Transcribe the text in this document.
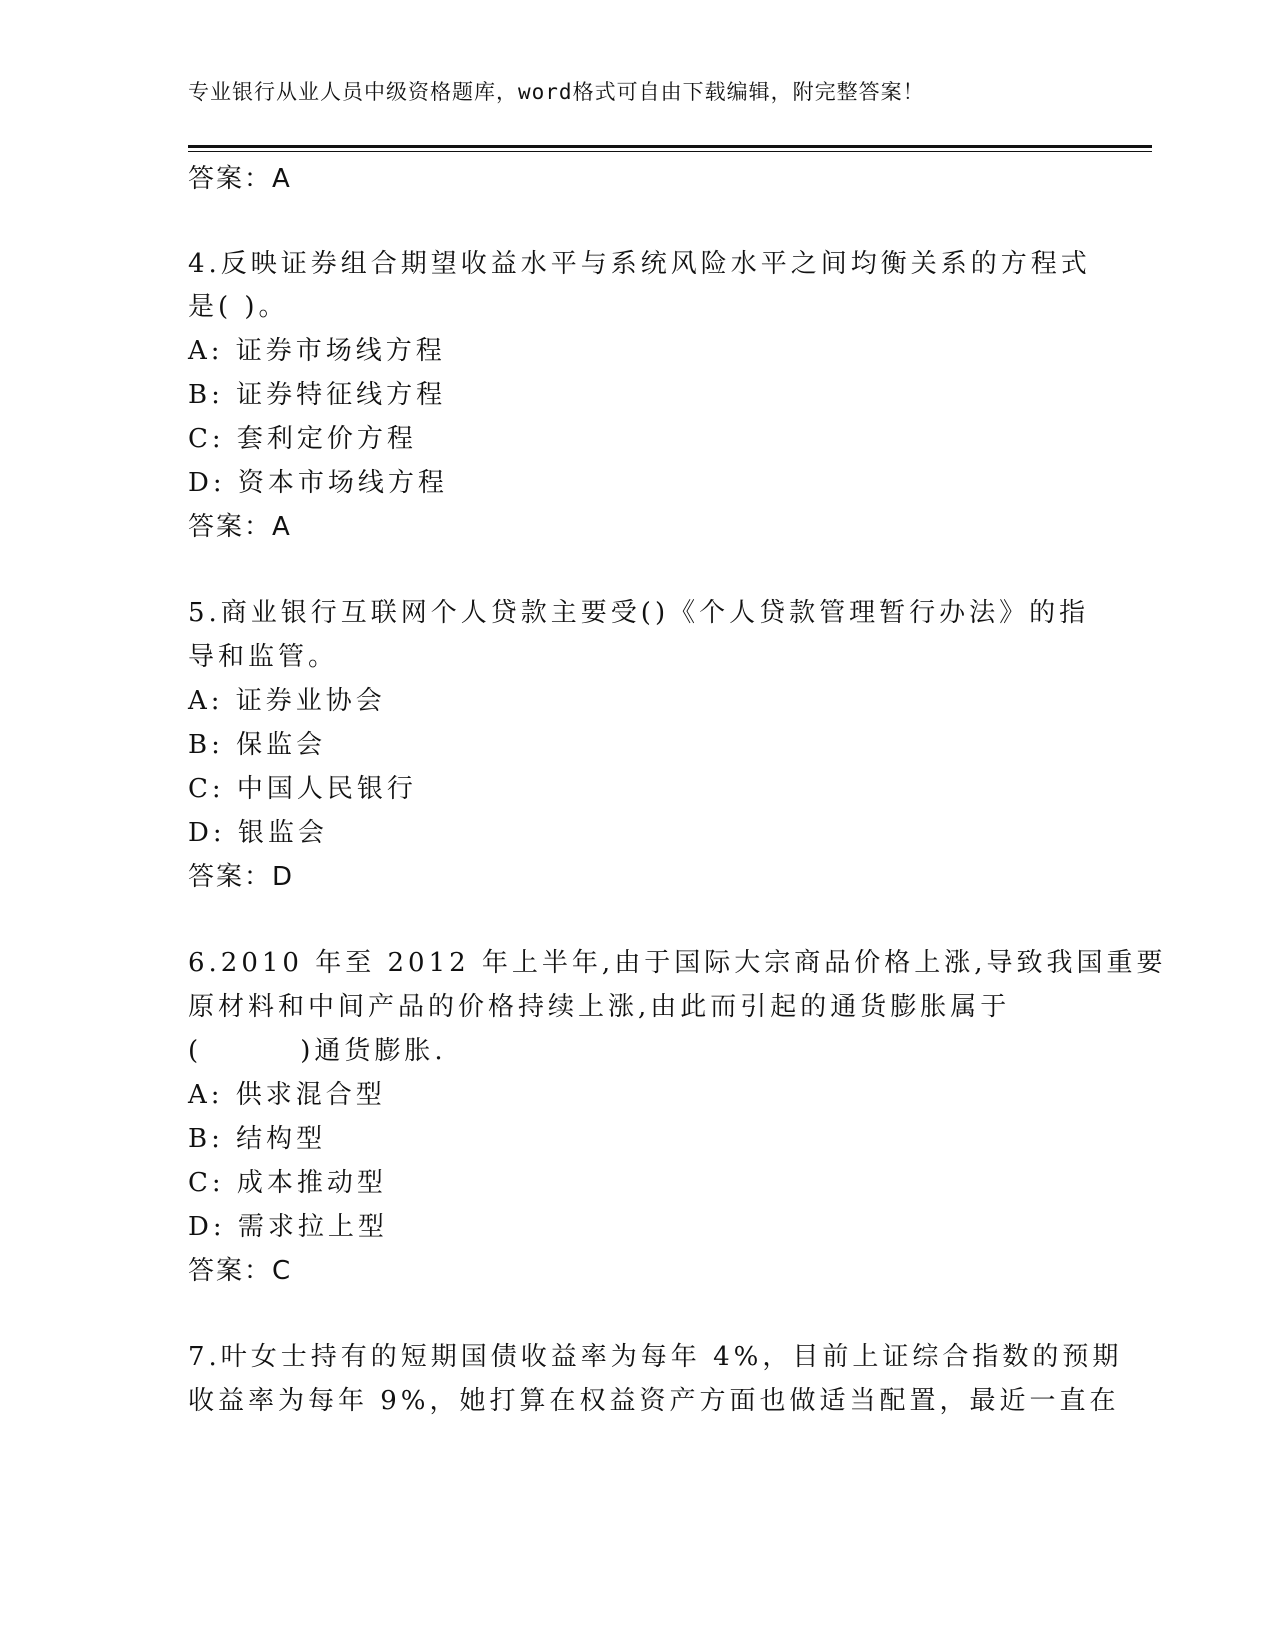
专业银行从业人员中级资格题库，word格式可自由下载编辑，附完整答案！
答案：A
4.反映证券组合期望收益水平与系统风险水平之间均衡关系的方程式
是( )。
A: 证券市场线方程
B: 证券特征线方程
C: 套利定价方程
D: 资本市场线方程
答案：A
5.商业银行互联网个人贷款主要受()《个人贷款管理暂行办法》的指
导和监管。
A: 证券业协会
B: 保监会
C: 中国人民银行
D: 银监会
答案：D
6.2010 年至 2012 年上半年,由于国际大宗商品价格上涨,导致我国重要
原材料和中间产品的价格持续上涨,由此而引起的通货膨胀属于
(        )通货膨胀.
A: 供求混合型
B: 结构型
C: 成本推动型
D: 需求拉上型
答案：C
7.叶女士持有的短期国债收益率为每年 4%，目前上证综合指数的预期
收益率为每年 9%，她打算在权益资产方面也做适当配置，最近一直在
